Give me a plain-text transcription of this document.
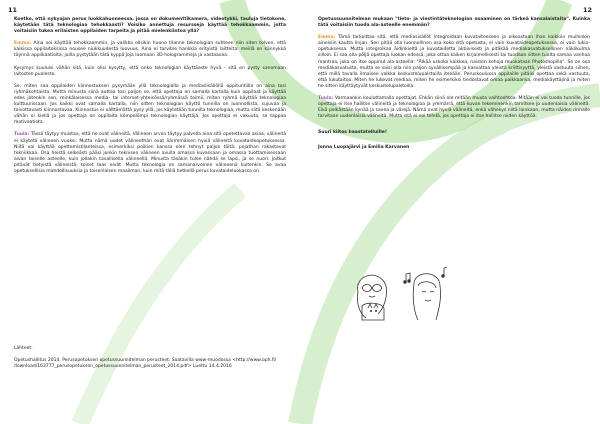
11	12

Koetko, että nykyajan perus luokkahuoneessa, jossa on dokumenttikamera, videotykki, tauluja tietokone, käytetään tätä teknologiaa tehokkaasti? Voisiko annettuja resursseja käyttää tehokkaammin, jotta voitaisiin tukea erilaisten oppilaiden tarpeita ja pitää mielenkiintoa yllä?

Emma: Aina voi käyttää tehokkaammin, ja valikka ollsikin huono tilanne teknologian suhteen niin siten tolvon, että kaikissa oppilaitoksissa nousee niukkuudesta luovuus. Aina ei tarvitse hankkia erityistä laitteita: meillä on kännykkä täynnä appiikaatioita, joilla pystytään tätä kyppä joja luomaan 3D-hologrammeja ja vastaavaa.

Kysymys kuuluisi vähän sitä, kuin olisi kysytty, että onko teknologian käyttäaste hyvä - sitä en pysty sanomaan laitosten puolesta.

Se, miten saa oppilaiden kiinnostuksen pysymään yllä teknologialla ja mediaslisällöllä oppituntiilla on aina tosi ryhmäkohtaista. Mutta minusta siinä auttaa tosi paljon se, että opettaja on samalla kartalla kuin oppilaat ja käyttää edes jotenkin sen, minkälaisessa media- tai internet-yhteisössä/ryhmässä toimii, miten ryhmä käyttää teknologiaa kulttuurissaan. Jos kaikki ovat samalla kartalla, niin sitten teknologian käyttö tunnilla on luonnollista, sujuvaa ja toivottavasti kiinnostavaa. Kiinnostus ei välttämättä pysy yllä, jos käytetään tunnilla teknologiaa, mutta siitä keskenään vähän ei kiellä ja jos opettaja on oppilaita kömpelömpi teknologian käyttäjä. Jos opettaja ei vakuuta, se tappaa motivaatiota.

Tuula: Tässä täytyy muistaa, että ne ovat välineitä. Välineen arvon täytyy palvella aina sitä opetettavaa asiaa, välineitä ei käytetä välineen vuoksi. Mutta nämä uudet välineethän ovat äärimmäisen hyviä välineitä kuvataideopetuksessa. Niitä voi käyttää opettamistilanteissa, esimerkiksi poikien kanssa olen tehnyt paljon töitä; pojathan rakastavat tekniikkaa. Osa heistä selkeästi pääsi jonkin teknisen välineen avulla omassa kuvassaan ja omassa tuottamisessaan aivan toiselle asteelle, kuin jollakin tavallisella välineellä. Minusta täsäkin tulee nähdä se lapsi, ja se nuori. Joitkut pitävät tietyistä välineistä, toiset taas eivät. Mutta teknologia on samanarvoinen välineenä kuitenkin. Se avaa opetuksellisia mahdollisuuksia ja toisenlaisen maailman, kuin mitä tällä hetkellä perus kuvataideluokassa on.

Lähteet:
Opetushallitus 2014. Perusopetuksen opetussuunnitelman perusteet. Saatavilla www-muodossa <http://www.oph.fi/
download/163777_perusopetuksen_opetussuunnitelman_perusteet_2014.pdf> Luettu 14.4.2016

Opetussuunnitelman mukaan "tieto- ja viestintäteknologian osaaminen on tärkeä kansalaistaito". Kuinka tätä voitaisiin tuoda ala-asteelle enemmän?

Emma: Tämä tarkoittaa sitä, että mediasisällöt integroidaan kuvataiteeseen ja oikeastaan ihan kaikkiin muihinkin aineisiin kautta linjan. Sen pitää olla luonnollinen osa koko sitä opetusta, ei vain kuvataideopetuksessa, ei vain lukio-opetuksessa. Mutta integroikaa äidinkieltä ja kuvataidetta aktiivisesti ja pitäkää mediakasvatuksellinen näkökulma silloin. Ei saa olla pöljä opettaja luokan edessä, joka ottaa kaiken kirjaimellisesti tai tuodaan sitten tuolta samaa vanhaa mantraa, joka on itse oppinut ala-asteella: "Älkää uskoko kaikkea, naisten kehoja muokataan Photoshopilla". Se on osa mediakasvatusta, mutta se saisi olla niin paljon syvällisempää ja kasvattaa yleistä kriittisyyttä, yleistä vastuuta siihen, että millä tavalla ilmaisee valkka keskustelupalstoilla itseään. Peruskoulussa oppilaille pitäisi opettaa sekä vastuuta, että lukutaitoa. Miten he lukevat mediaa, miten he esimerkiksi tiedostavat omaa paikkaansa, mediakäyttäjinä ja miten he sitten käyttäytyvät keskustelupalstoilla.

Tuula: Varmaankin kouluttamalla opettajat. Ehkän siinä ole mitään muuta vaihtoehtoa. Mitään ei voi tuoda tunnille, jos opettaja ei itse hallitse välineitä ja teknologiaa ja ymmärrä, että kuvan tekeminenkin tarvitsee jo uudenlaisia välineitä. Eikä pelkästään kynää ja savea ja värejä. Nämä ovat hyviä välineitä, enkä vähekys niitä lainkaan, mutta näiden rinnalle tarvitaan uudenlaisia välineitä. Mutta sitä ei voi tehdä, jos opettaja ei itse hallitse niiden käyttöä.

Suuri kiitos haastatelluille!
Jonna Luopajärvi ja Emilia Karvanen
